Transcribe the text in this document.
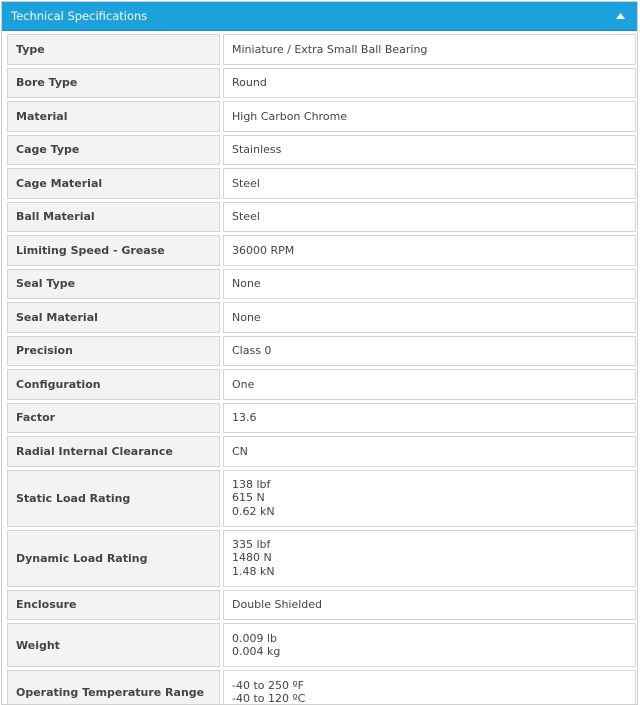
Technical Specifications
Type	Miniature / Extra Small Ball Bearing

Bore Type	Round

Material	High Carbon Chrome

Cage Type	Stainless

Cage Material	Steel

Ball Material	Steel

Limiting Speed - Grease	36000 RPM

Seal Type	None

Seal Material	None

Precision	Class 0

Configuration	One

Factor	13.6

Radial Internal Clearance	CN

Static Load Rating	138 lbf
615 N
0.62 kN

Dynamic Load Rating	335 lbf
1480 N
1.48 kN

Enclosure	Double Shielded

Weight	0.009 lb
0.004 kg

Operating Temperature Range	-40 to 250 ºF
-40 to 120 ºC
